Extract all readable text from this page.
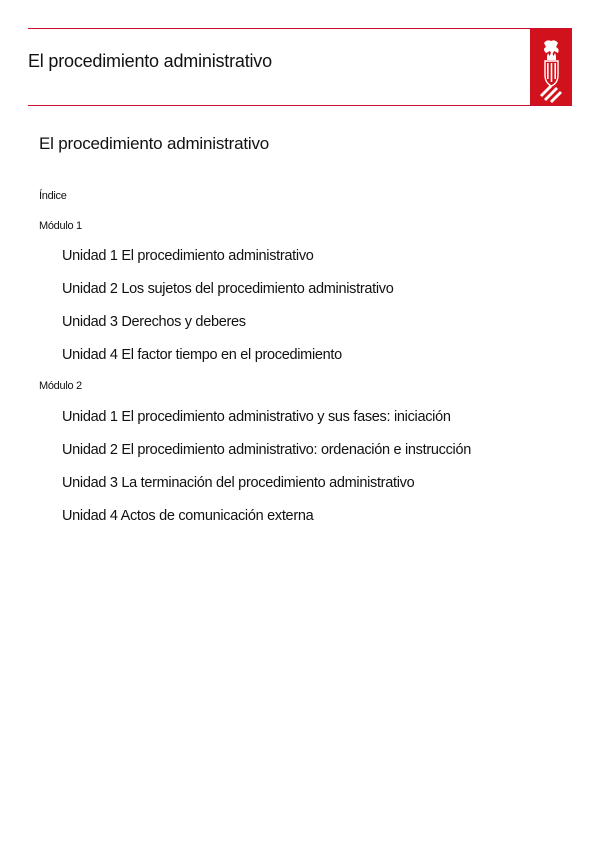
El procedimiento administrativo
El procedimiento administrativo
Índice
Módulo 1
Unidad 1 El procedimiento administrativo
Unidad 2 Los sujetos del procedimiento administrativo
Unidad 3 Derechos y deberes
Unidad 4 El factor tiempo en el procedimiento
Módulo 2
Unidad 1 El procedimiento administrativo y sus fases: iniciación
Unidad 2 El procedimiento administrativo: ordenación e instrucción
Unidad 3 La terminación del procedimiento administrativo
Unidad 4 Actos de comunicación externa
